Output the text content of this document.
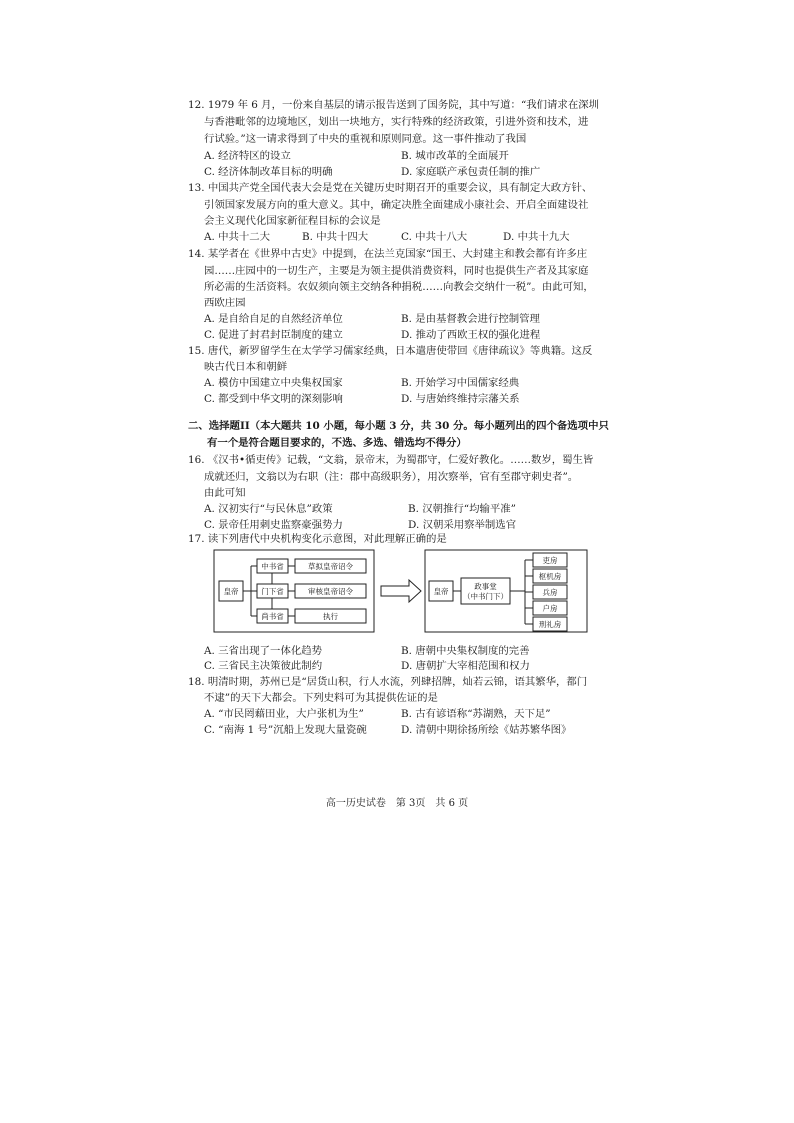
12. 1979 年 6 月，一份来自基层的请示报告送到了国务院，其中写道：“我们请求在深圳
与香港毗邻的边境地区，划出一块地方，实行特殊的经济政策，引进外资和技术，进
行试验。”这一请求得到了中央的重视和原则同意。这一事件推动了我国
A. 经济特区的设立	B. 城市改革的全面展开
C. 经济体制改革目标的明确	D. 家庭联产承包责任制的推广
13. 中国共产党全国代表大会是党在关键历史时期召开的重要会议，具有制定大政方针、
引领国家发展方向的重大意义。其中，确定决胜全面建成小康社会、开启全面建设社
会主义现代化国家新征程目标的会议是
A. 中共十二大	B. 中共十四大	C. 中共十八大	D. 中共十九大
14. 某学者在《世界中古史》中提到，在法兰克国家“国王、大封建主和教会都有许多庄
园……庄园中的一切生产，主要是为领主提供消费资料，同时也提供生产者及其家庭
所必需的生活资料。农奴须向领主交纳各种捐税……向教会交纳什一税”。由此可知，
西欧庄园
A. 是自给自足的自然经济单位	B. 是由基督教会进行控制管理
C. 促进了封君封臣制度的建立	D. 推动了西欧王权的强化进程
15. 唐代，新罗留学生在太学学习儒家经典，日本遣唐使带回《唐律疏议》等典籍。这反
映古代日本和朝鲜
A. 模仿中国建立中央集权国家	B. 开始学习中国儒家经典
C. 都受到中华文明的深刻影响	D. 与唐始终维持宗藩关系
二、选择题II（本大题共 10 小题，每小题 3 分，共 30 分。每小题列出的四个备选项中只
有一个是符合题目要求的，不选、多选、错选均不得分）
16. 《汉书•循吏传》记载，“文翁，景帝末，为蜀郡守，仁爱好教化。……数岁，蜀生皆
成就还归，文翁以为右职（注：郡中高级职务），用次察举，官有至郡守刺史者”。
由此可知
A. 汉初实行“与民休息”政策	B. 汉朝推行“均输平准”
C. 景帝任用刺史监察豪强势力	D. 汉朝采用察举制选官
17. 读下列唐代中央机构变化示意图，对此理解正确的是
皇帝
中书省
门下省
尚书省
草拟皇帝诏令
审核皇帝诏令
执行
皇帝
政事堂
（中书门下）
吏房
枢机房
兵房
户房
刑礼房
A. 三省出现了一体化趋势	B. 唐朝中央集权制度的完善
C. 三省民主决策彼此制约	D. 唐朝扩大宰相范围和权力
18. 明清时期，苏州已是“居货山积，行人水流，列肆招牌，灿若云锦，语其繁华，都门
不逮”的天下大都会。下列史料可为其提供佐证的是
A. “市民罔藉田业，大户张机为生”	B. 古有谚语称“苏湖熟，天下足”
C. “南海 1 号”沉船上发现大量瓷碗	D. 清朝中期徐扬所绘《姑苏繁华图》
高一历史试卷　第 3页　共 6 页
